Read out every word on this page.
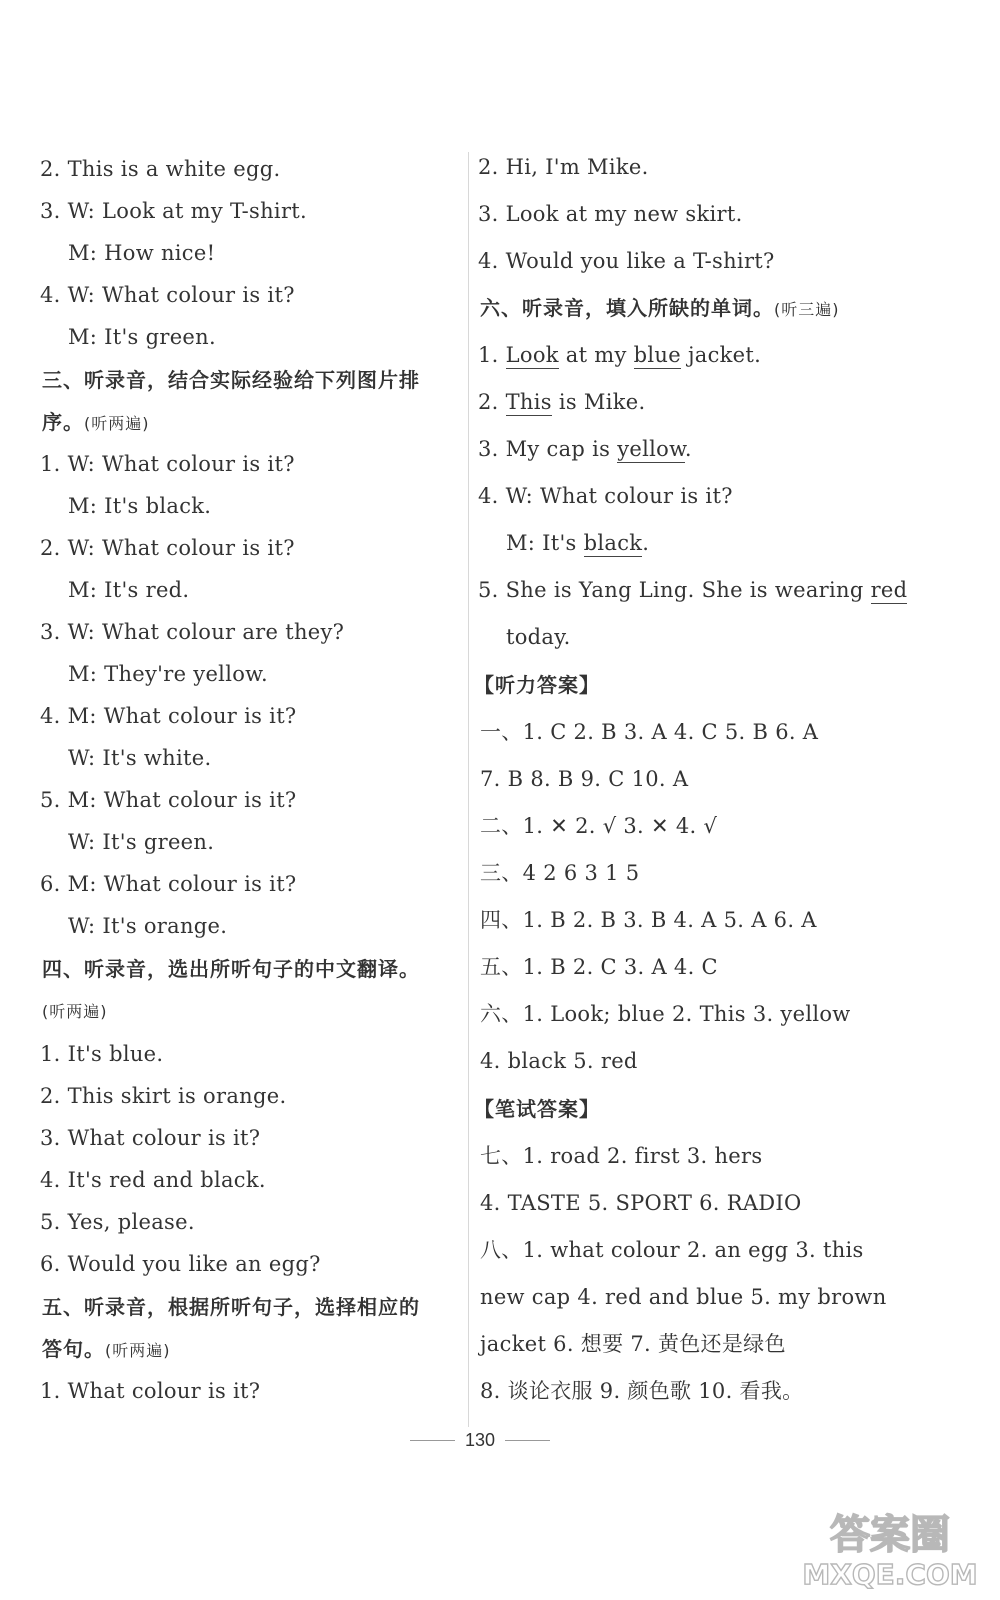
2. This is a white egg.
3. W: Look at my T-shirt.
M: How nice!
4. W: What colour is it?
M: It's green.
三、听录音，结合实际经验给下列图片排
序。(听两遍)
1. W: What colour is it?
M: It's black.
2. W: What colour is it?
M: It's red.
3. W: What colour are they?
M: They're yellow.
4. M: What colour is it?
W: It's white.
5. M: What colour is it?
W: It's green.
6. M: What colour is it?
W: It's orange.
四、听录音，选出所听句子的中文翻译。
(听两遍)
1. It's blue.
2. This skirt is orange.
3. What colour is it?
4. It's red and black.
5. Yes, please.
6. Would you like an egg?
五、听录音，根据所听句子，选择相应的
答句。(听两遍)
1. What colour is it?
2. Hi, I'm Mike.
3. Look at my new skirt.
4. Would you like a T-shirt?
六、听录音，填入所缺的单词。(听三遍)
1. Look at my blue jacket.
2. This is Mike.
3. My cap is yellow.
4. W: What colour is it?
M: It's black.
5. She is Yang Ling. She is wearing red
today.
【听力答案】
一、1. C 2. B 3. A 4. C 5. B 6. A
7. B 8. B 9. C 10. A
二、1. ✕ 2. √ 3. ✕ 4. √
三、4 2 6 3 1 5
四、1. B 2. B 3. B 4. A 5. A 6. A
五、1. B 2. C 3. A 4. C
六、1. Look; blue 2. This 3. yellow
4. black 5. red
【笔试答案】
七、1. road 2. first 3. hers
4. TASTE 5. SPORT 6. RADIO
八、1. what colour 2. an egg 3. this
new cap 4. red and blue 5. my brown
jacket 6. 想要 7. 黄色还是绿色
8. 谈论衣服 9. 颜色歌 10. 看我。
130
答案圈
MXQE.COM
